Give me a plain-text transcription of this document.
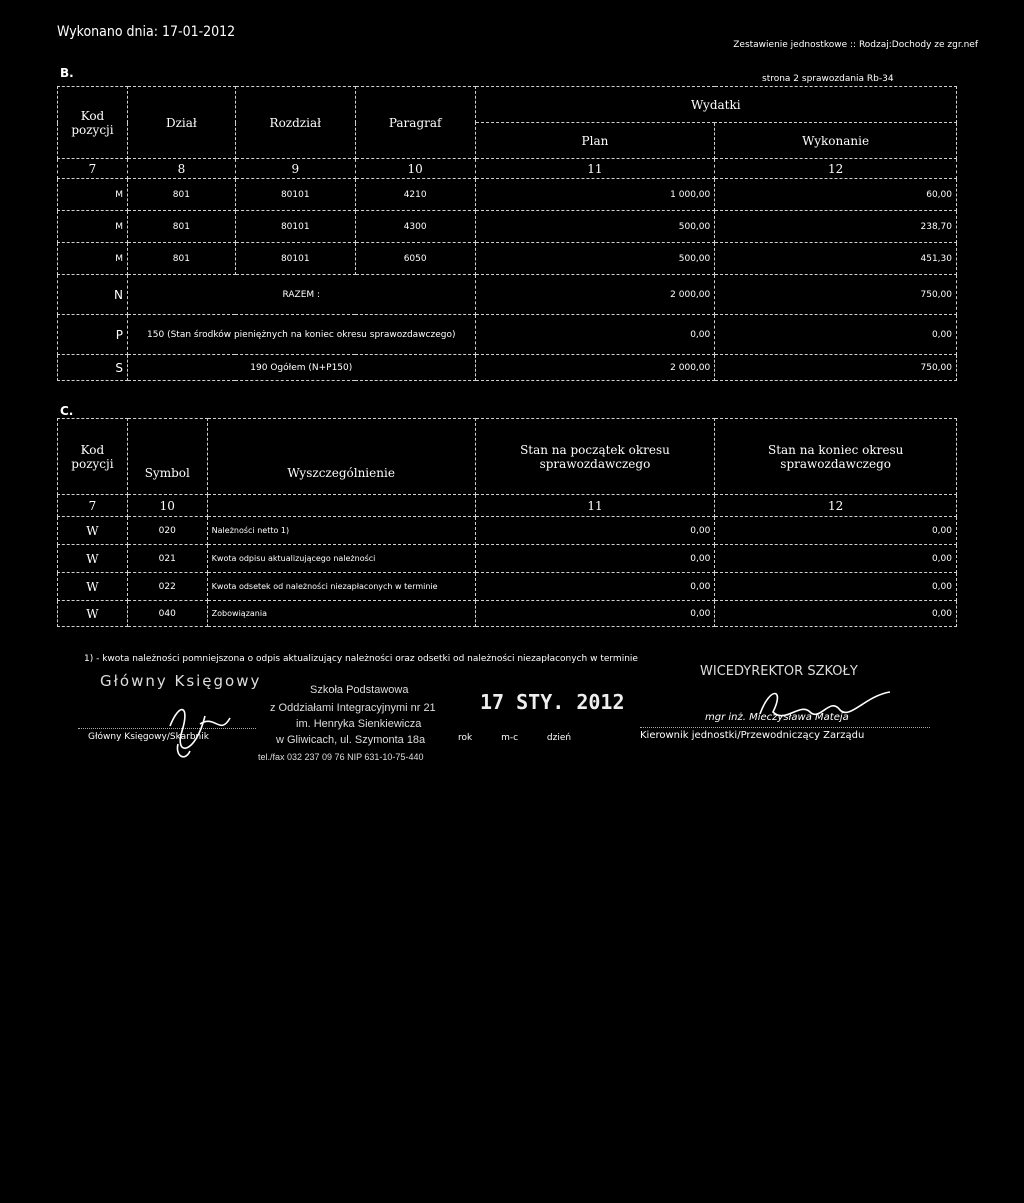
Wykonano dnia: 17-01-2012
Zestawienie jednostkowe :: Rodzaj:Dochody ze zgr.nef
B.	strona 2 sprawozdania Rb-34
Kod pozycji	Dział	Rozdział	Paragraf	Wydatki	
				Plan	Wykonanie
7	8	9	10	11	12
M	801	80101	4210	1 000,00	60,00
M	801	80101	4300	500,00	238,70
M	801	80101	6050	500,00	451,30
N	RAZEM :			2 000,00	750,00
P	150 (Stan środków pieniężnych na koniec okresu sprawozdawczego)			0,00	0,00
S	190 Ogółem (N+P150)			2 000,00	750,00
C.
Kod pozycji	Symbol	Wyszczególnienie	Stan na początek okresu sprawozdawczego	Stan na koniec okresu sprawozdawczego
7	10		11	12
W	020	Należności netto 1)	0,00	0,00
W	021	Kwota odpisu aktualizującego należności	0,00	0,00
W	022	Kwota odsetek od należności niezapłaconych w terminie	0,00	0,00
W	040	Zobowiązania	0,00	0,00
1) - kwota należności pomniejszona o odpis aktualizujący należności oraz odsetki od należności niezapłaconych w terminie
Główny Księgowy
Główny Księgowy/Skarbnik
Szkoła Podstawowa
z Oddziałami Integracyjnymi nr 21
im. Henryka Sienkiewicza
w Gliwicach, ul. Szymonta 18a
tel./fax 032 237 09 76 NIP 631-10-75-440
17 STY. 2012
rok m-c dzień
WICEDYREKTOR SZKOŁY
mgr inż. Mieczysława Mateja
Kierownik jednostki/Przewodniczący Zarządu
